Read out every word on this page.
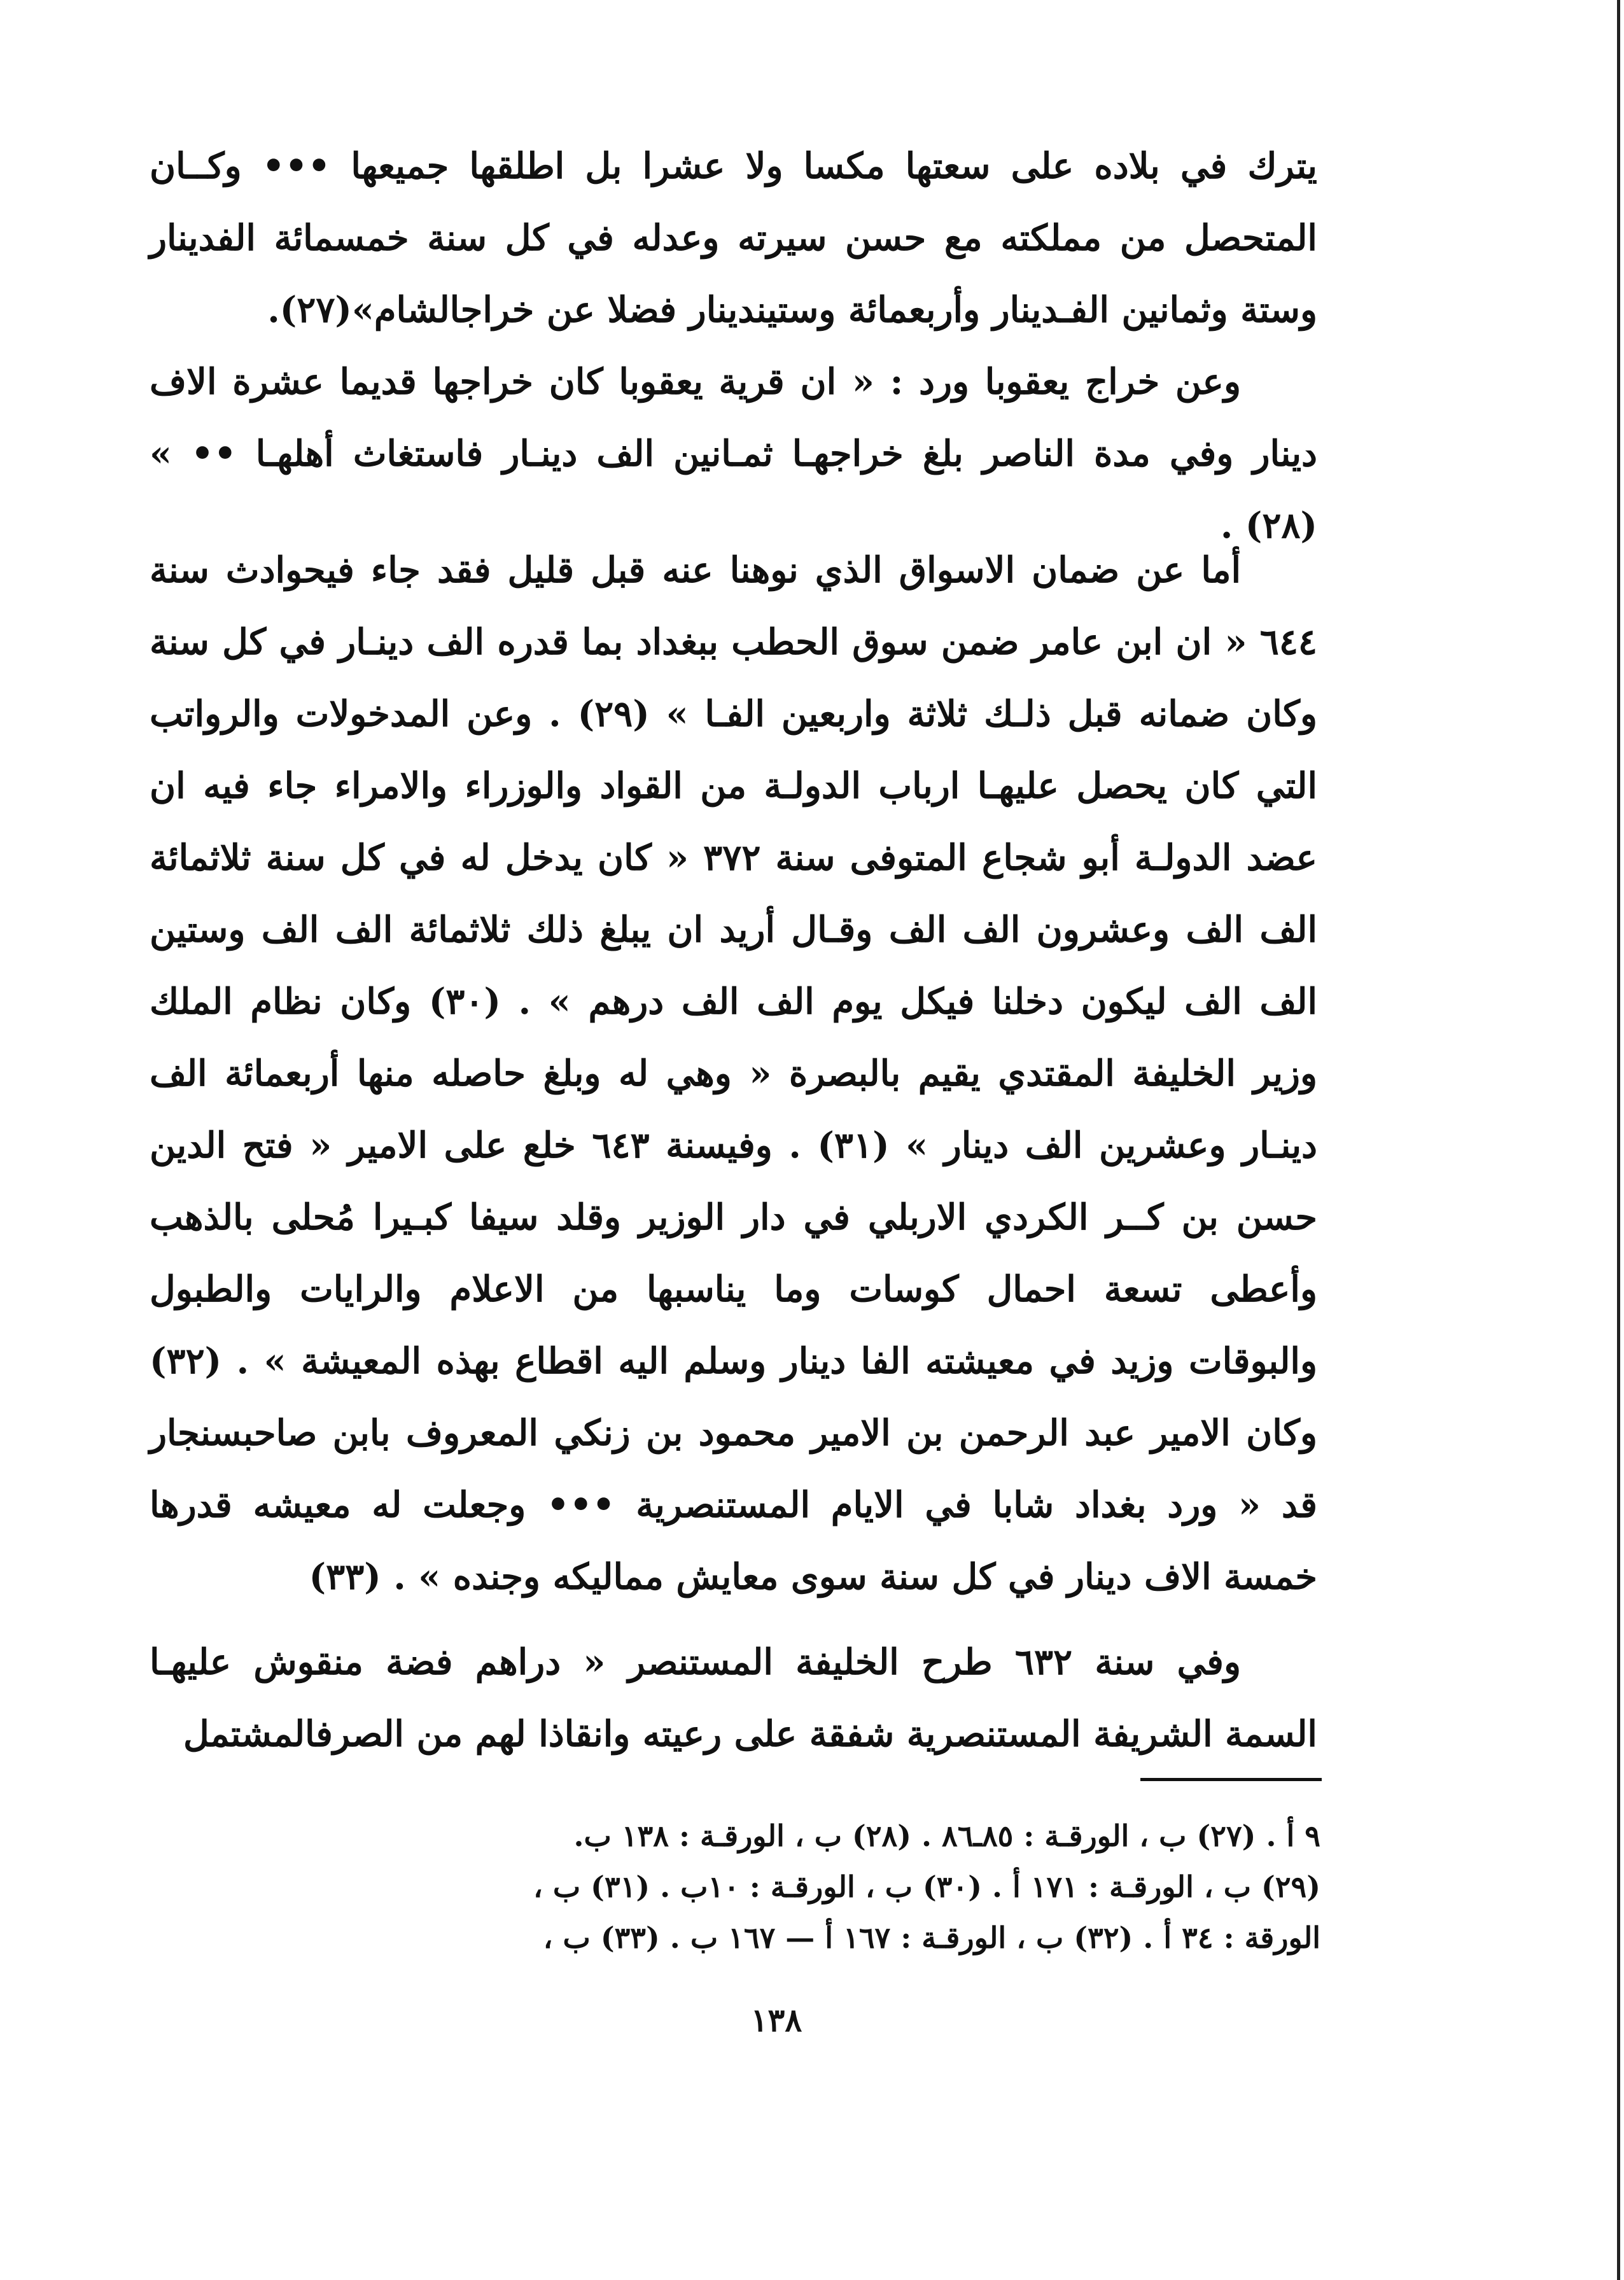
يترك في بلاده على سعتها مكسا ولا عشرا بل اطلقها جميعها ••• وكــان المتحصل من مملكته مع حسن سيرته وعدله في كل سنة خمسمائة الفدينار وستة وثمانين الفـدينار وأربعمائة وستيندينار فضلا عن خراجالشام»(٢٧).

وعن خراج يعقوبا ورد : « ان قرية يعقوبا كان خراجها قديما عشرة الاف دينار وفي مدة الناصر بلغ خراجهـا ثمـانين الف دينـار فاستغاث أهلهـا •• » (٢٨) .

أما عن ضمان الاسواق الذي نوهنا عنه قبل قليل فقد جاء فيحوادث سنة ٦٤٤ « ان ابن عامر ضمن سوق الحطب ببغداد بما قدره الف دينـار في كل سنة وكان ضمانه قبل ذلـك ثلاثة واربعين الفـا » (٢٩) . وعن المدخولات والرواتب التي كان يحصل عليهـا ارباب الدولـة من القواد والوزراء والامراء جاء فيه ان عضد الدولـة أبو شجاع المتوفى سنة ٣٧٢ « كان يدخل له في كل سنة ثلاثمائة الف الف وعشرون الف الف وقـال أريد ان يبلغ ذلك ثلاثمائة الف الف وستين الف الف ليكون دخلنا فيكل يوم الف الف درهم » . (٣٠) وكان نظام الملك وزير الخليفة المقتدي يقيم بالبصرة « وهي له وبلغ حاصله منها أربعمائة الف دينـار وعشرين الف دينار » (٣١) . وفيسنة ٦٤٣ خلع على الامير « فتح الدين حسن بن كــر الكردي الاربلي في دار الوزير وقلد سيفا كبـيرا مُحلى بالذهب وأعطى تسعة احمال كوسات وما يناسبها من الاعلام والرايات والطبول والبوقات وزيد في معيشته الفا دينار وسلم اليه اقطاع بهذه المعيشة » . (٣٢) وكان الامير عبد الرحمن بن الامير محمود بن زنكي المعروف بابن صاحبسنجار قد « ورد بغداد شابا في الايام المستنصرية ••• وجعلت له معيشه قدرها خمسة الاف دينار في كل سنة سوى معايش مماليكه وجنده » . (٣٣)

وفي سنة ٦٣٢ طرح الخليفة المستنصر « دراهم فضة منقوش عليهـا السمة الشريفة المستنصرية شفقة على رعيته وانقاذا لهم من الصرفالمشتمل

٩ أ . (٢٧) ب ، الورقـة : ٨٥ـ٨٦ . (٢٨) ب ، الورقـة : ١٣٨ ب.
(٢٩) ب ، الورقـة : ١٧١ أ . (٣٠) ب ، الورقـة : ١٠ب . (٣١) ب ،
الورقة : ٣٤ أ . (٣٢) ب ، الورقـة : ١٦٧ أ — ١٦٧ ب . (٣٣) ب ،
١٣٨
